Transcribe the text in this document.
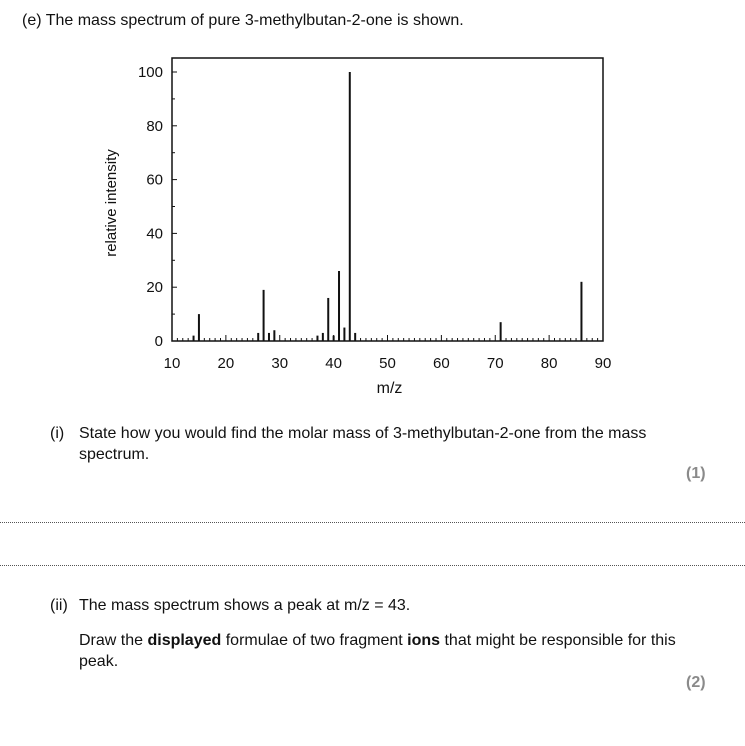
(e) The mass spectrum of pure 3-methylbutan-2-one is shown.
0
20
40
60
80
100
10 20 30 40 50 60 70 80 90
m/z
relative intensity
(i) State how you would find the molar mass of 3-methylbutan-2-one from the mass spectrum.
(1)
(ii) The mass spectrum shows a peak at m/z = 43.
Draw the displayed formulae of two fragment ions that might be responsible for this peak.
(2)
